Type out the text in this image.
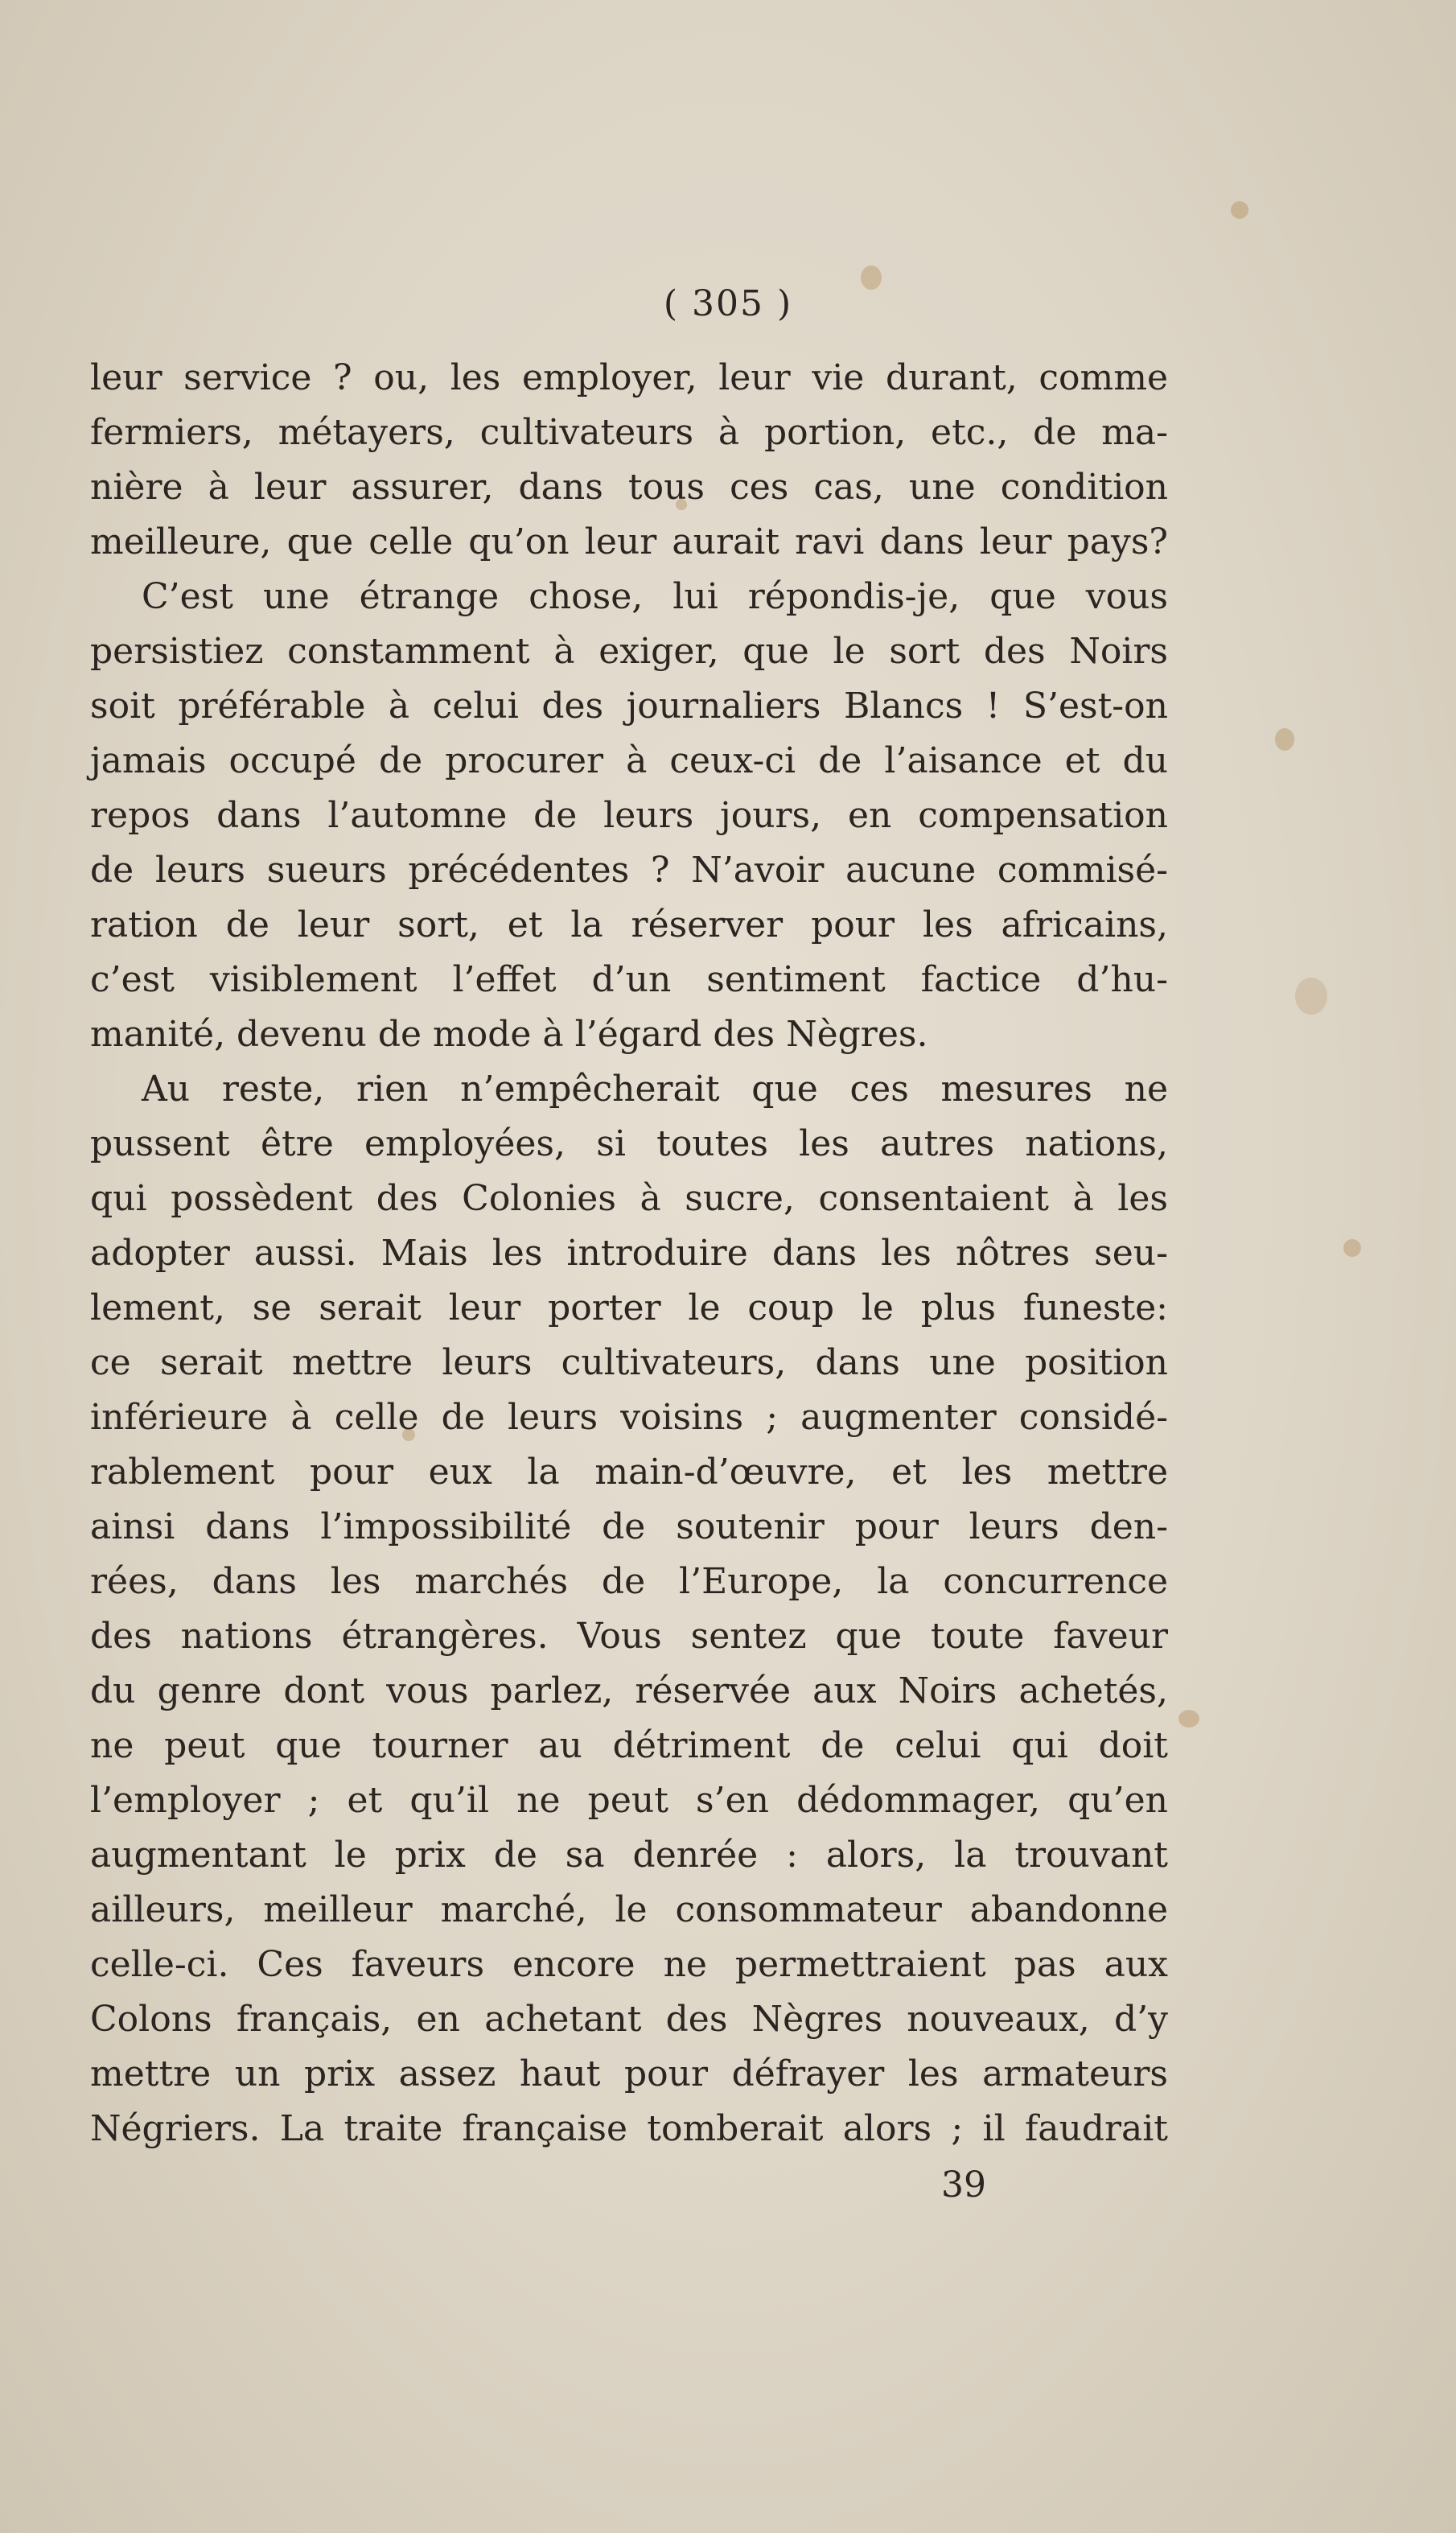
( 305 )
leur service ? ou, les employer, leur vie durant, comme
fermiers, métayers, cultivateurs à portion, etc., de ma-
nière à leur assurer, dans tous ces cas, une condition
meilleure, que celle qu’on leur aurait ravi dans leur pays?
C’est une étrange chose, lui répondis-je, que vous
persistiez constamment à exiger, que le sort des Noirs
soit préférable à celui des journaliers Blancs ! S’est-on
jamais occupé de procurer à ceux-ci de l’aisance et du
repos dans l’automne de leurs jours, en compensation
de leurs sueurs précédentes ? N’avoir aucune commisé-
ration de leur sort, et la réserver pour les africains,
c’est visiblement l’effet d’un sentiment factice d’hu-
manité, devenu de mode à l’égard des Nègres.
Au reste, rien n’empêcherait que ces mesures ne
pussent être employées, si toutes les autres nations,
qui possèdent des Colonies à sucre, consentaient à les
adopter aussi. Mais les introduire dans les nôtres seu-
lement, se serait leur porter le coup le plus funeste:
ce serait mettre leurs cultivateurs, dans une position
inférieure à celle de leurs voisins ; augmenter considé-
rablement pour eux la main-d’œuvre, et les mettre
ainsi dans l’impossibilité de soutenir pour leurs den-
rées, dans les marchés de l’Europe, la concurrence
des nations étrangères. Vous sentez que toute faveur
du genre dont vous parlez, réservée aux Noirs achetés,
ne peut que tourner au détriment de celui qui doit
l’employer ; et qu’il ne peut s’en dédommager, qu’en
augmentant le prix de sa denrée : alors, la trouvant
ailleurs, meilleur marché, le consommateur abandonne
celle-ci. Ces faveurs encore ne permettraient pas aux
Colons français, en achetant des Nègres nouveaux, d’y
mettre un prix assez haut pour défrayer les armateurs
Négriers. La traite française tomberait alors ; il faudrait
39
